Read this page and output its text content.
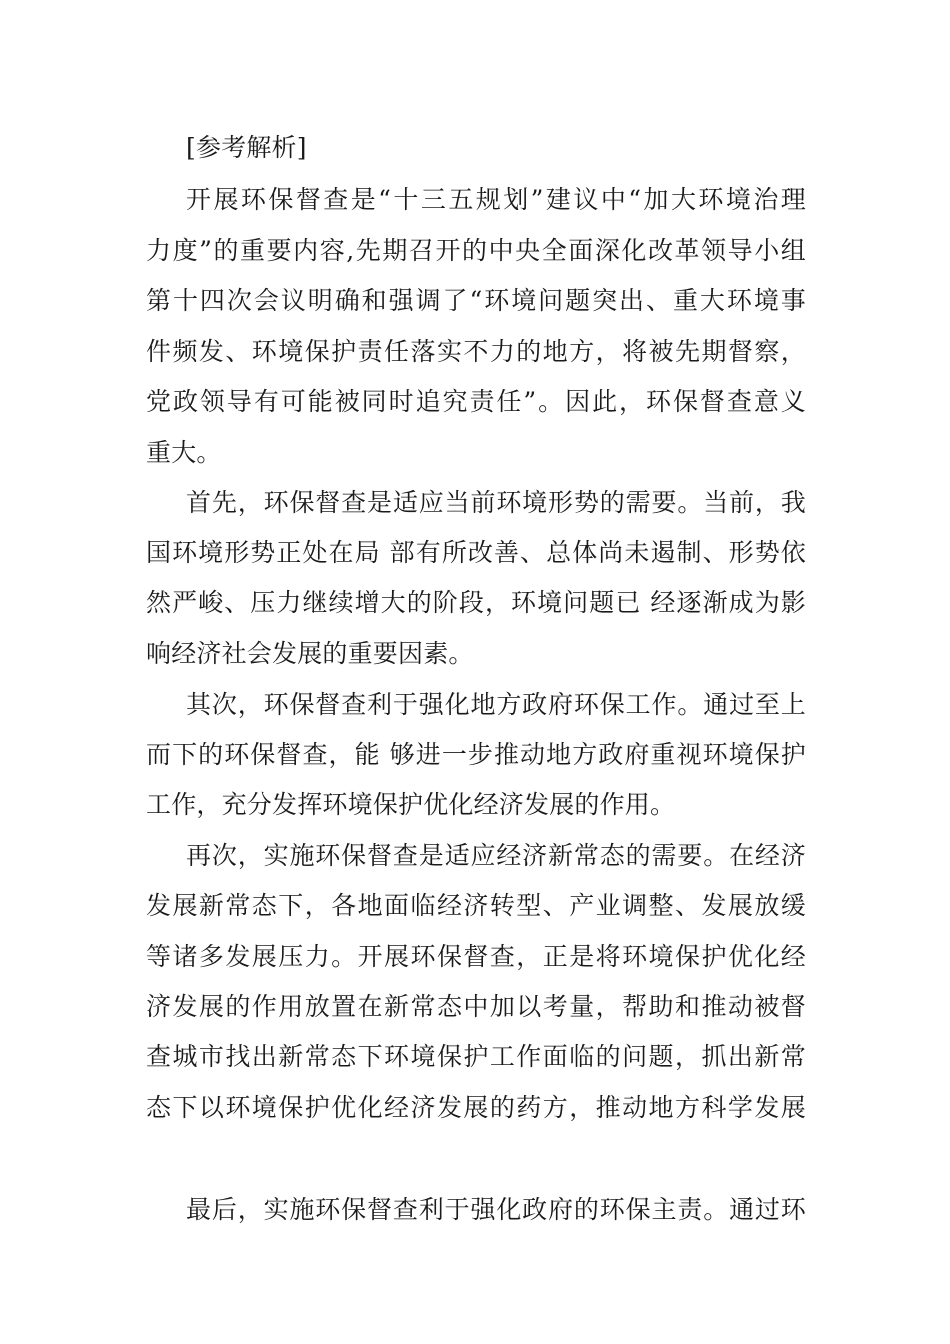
[参考解析]
开展环保督查是“十三五规划”建议中“加大环境治理
力度”的重要内容,先期召开的中央全面深化改革领导小组
第十四次会议明确和强调了“环境问题突出、重大环境事
件频发、环境保护责任落实不力的地方，将被先期督察，
党政领导有可能被同时追究责任”。因此，环保督查意义
重大。
首先，环保督查是适应当前环境形势的需要。当前，我
国环境形势正处在局 部有所改善、总体尚未遏制、形势依
然严峻、压力继续增大的阶段，环境问题已 经逐渐成为影
响经济社会发展的重要因素。
其次，环保督查利于强化地方政府环保工作。通过至上
而下的环保督查，能 够进一步推动地方政府重视环境保护
工作，充分发挥环境保护优化经济发展的作用。
再次，实施环保督查是适应经济新常态的需要。在经济
发展新常态下，各地面临经济转型、产业调整、发展放缓
等诸多发展压力。开展环保督查，正是将环境保护优化经
济发展的作用放置在新常态中加以考量，帮助和推动被督
查城市找出新常态下环境保护工作面临的问题，抓出新常
态下以环境保护优化经济发展的药方，推动地方科学发展
最后，实施环保督查利于强化政府的环保主责。通过环
